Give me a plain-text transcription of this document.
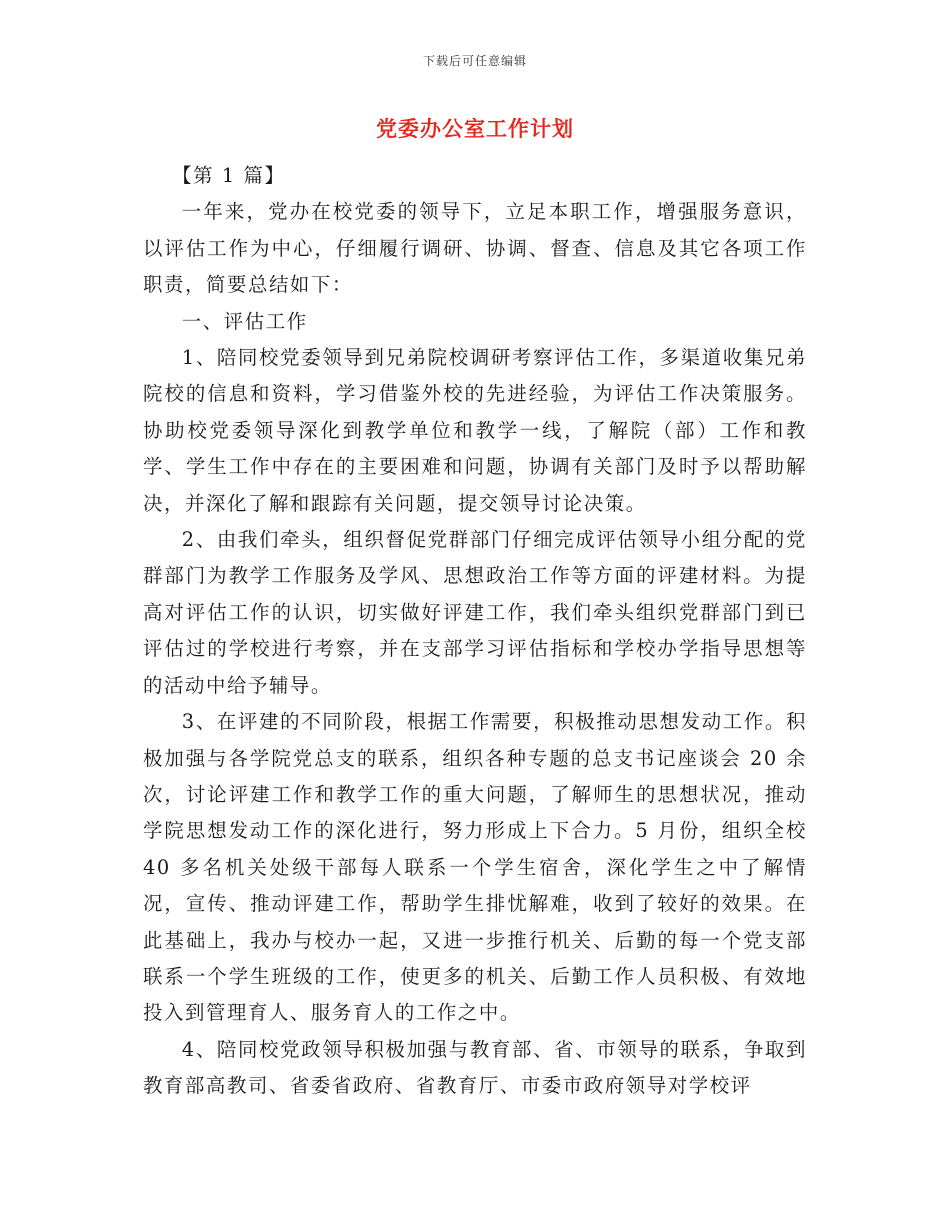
下载后可任意编辑
党委办公室工作计划

【第 1 篇】

一年来，党办在校党委的领导下，立足本职工作，增强服务意识，以评估工作为中心，仔细履行调研、协调、督查、信息及其它各项工作职责，简要总结如下：

一、评估工作

1、陪同校党委领导到兄弟院校调研考察评估工作，多渠道收集兄弟院校的信息和资料，学习借鉴外校的先进经验，为评估工作决策服务。协助校党委领导深化到教学单位和教学一线，了解院（部）工作和教学、学生工作中存在的主要困难和问题，协调有关部门及时予以帮助解决，并深化了解和跟踪有关问题，提交领导讨论决策。

2、由我们牵头，组织督促党群部门仔细完成评估领导小组分配的党群部门为教学工作服务及学风、思想政治工作等方面的评建材料。为提高对评估工作的认识，切实做好评建工作，我们牵头组织党群部门到已评估过的学校进行考察，并在支部学习评估指标和学校办学指导思想等的活动中给予辅导。

3、在评建的不同阶段，根据工作需要，积极推动思想发动工作。积极加强与各学院党总支的联系，组织各种专题的总支书记座谈会 20 余次，讨论评建工作和教学工作的重大问题，了解师生的思想状况，推动学院思想发动工作的深化进行，努力形成上下合力。5 月份，组织全校 40 多名机关处级干部每人联系一个学生宿舍，深化学生之中了解情况，宣传、推动评建工作，帮助学生排忧解难，收到了较好的效果。在此基础上，我办与校办一起，又进一步推行机关、后勤的每一个党支部联系一个学生班级的工作，使更多的机关、后勤工作人员积极、有效地投入到管理育人、服务育人的工作之中。

4、陪同校党政领导积极加强与教育部、省、市领导的联系，争取到教育部高教司、省委省政府、省教育厅、市委市政府领导对学校评
